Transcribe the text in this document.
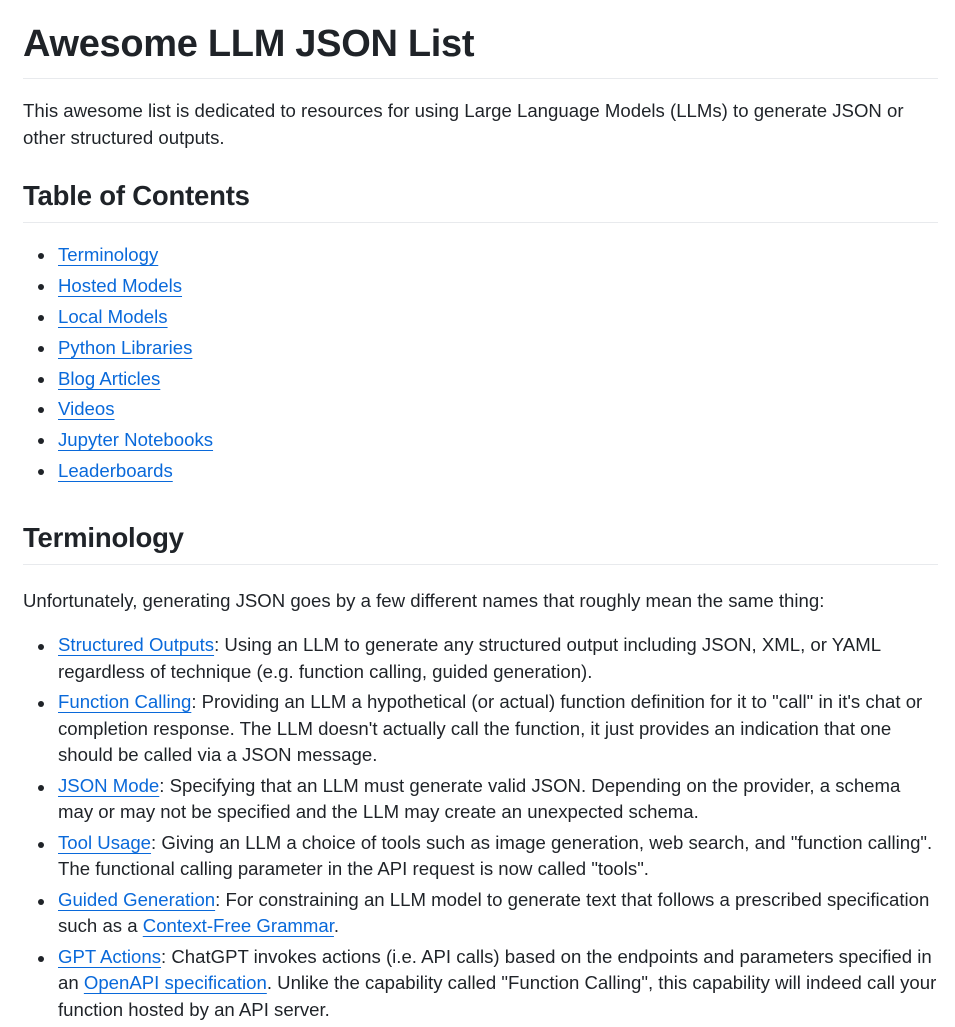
Awesome LLM JSON List

This awesome list is dedicated to resources for using Large Language Models (LLMs) to generate JSON or other structured outputs.

Table of Contents
Terminology
Hosted Models
Local Models
Python Libraries
Blog Articles
Videos
Jupyter Notebooks
Leaderboards
Terminology

Unfortunately, generating JSON goes by a few different names that roughly mean the same thing:

Structured Outputs: Using an LLM to generate any structured output including JSON, XML, or YAML regardless of technique (e.g. function calling, guided generation).
Function Calling: Providing an LLM a hypothetical (or actual) function definition for it to "call" in it's chat or completion response. The LLM doesn't actually call the function, it just provides an indication that one should be called via a JSON message.
JSON Mode: Specifying that an LLM must generate valid JSON. Depending on the provider, a schema may or may not be specified and the LLM may create an unexpected schema.
Tool Usage: Giving an LLM a choice of tools such as image generation, web search, and "function calling". The functional calling parameter in the API request is now called "tools".
Guided Generation: For constraining an LLM model to generate text that follows a prescribed specification such as a Context-Free Grammar.
GPT Actions: ChatGPT invokes actions (i.e. API calls) based on the endpoints and parameters specified in an OpenAPI specification. Unlike the capability called "Function Calling", this capability will indeed call your function hosted by an API server.
